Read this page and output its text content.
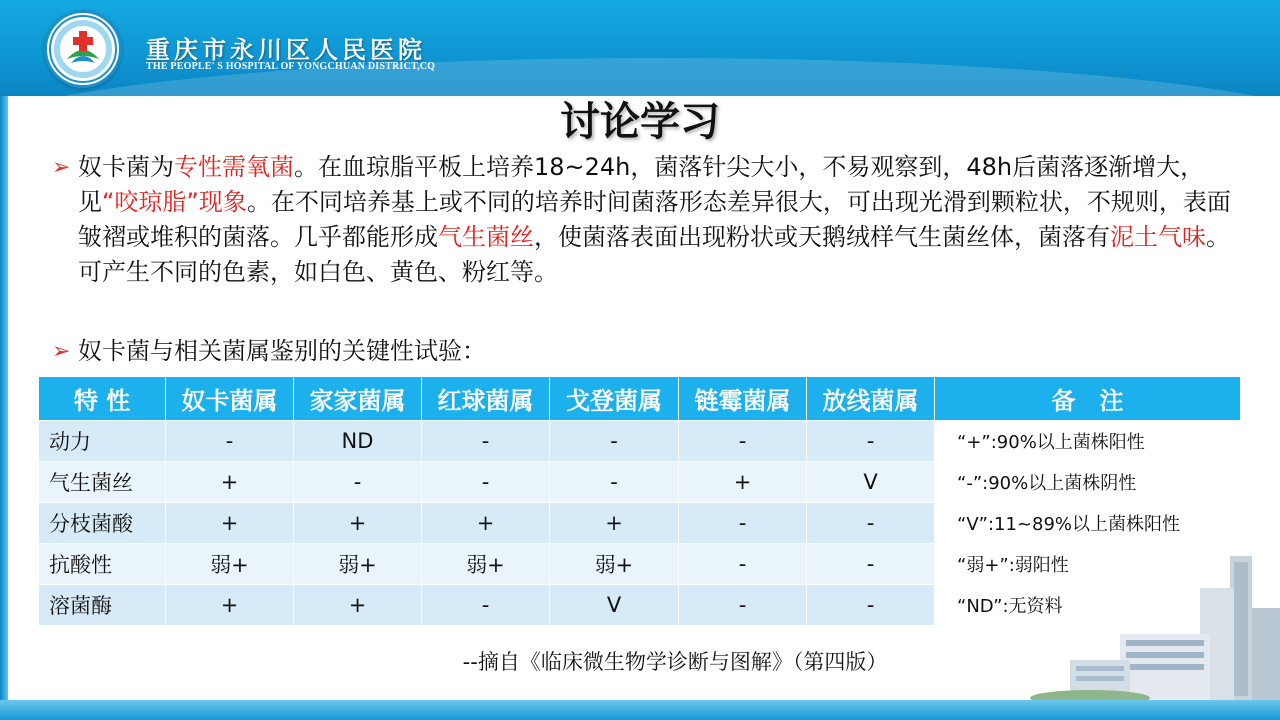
重庆市永川区人民医院
THE PEOPLE' S HOSPITAL OF YONGCHUAN DISTRICT,CQ
讨论学习
➢ 奴卡菌为专性需氧菌。在血琼脂平板上培养18~24h，菌落针尖大小，不易观察到，48h后菌落逐渐增大，见“咬琼脂”现象。在不同培养基上或不同的培养时间菌落形态差异很大，可出现光滑到颗粒状，不规则，表面皱褶或堆积的菌落。几乎都能形成气生菌丝，使菌落表面出现粉状或天鹅绒样气生菌丝体，菌落有泥土气味。可产生不同的色素，如白色、黄色、粉红等。
➢ 奴卡菌与相关菌属鉴别的关键性试验：
特 性	奴卡菌属	家家菌属	红球菌属	戈登菌属	链霉菌属	放线菌属	备　注
动力	-	ND	-	-	-	-	“+”:90%以上菌株阳性
气生菌丝	+	-	-	-	+	V	“-”:90%以上菌株阴性
分枝菌酸	+	+	+	+	-	-	“V”:11~89%以上菌株阳性
抗酸性	弱+	弱+	弱+	弱+	-	-	“弱+”:弱阳性
溶菌酶	+	+	-	V	-	-	“ND”:无资料
--摘自《临床微生物学诊断与图解》（第四版）
